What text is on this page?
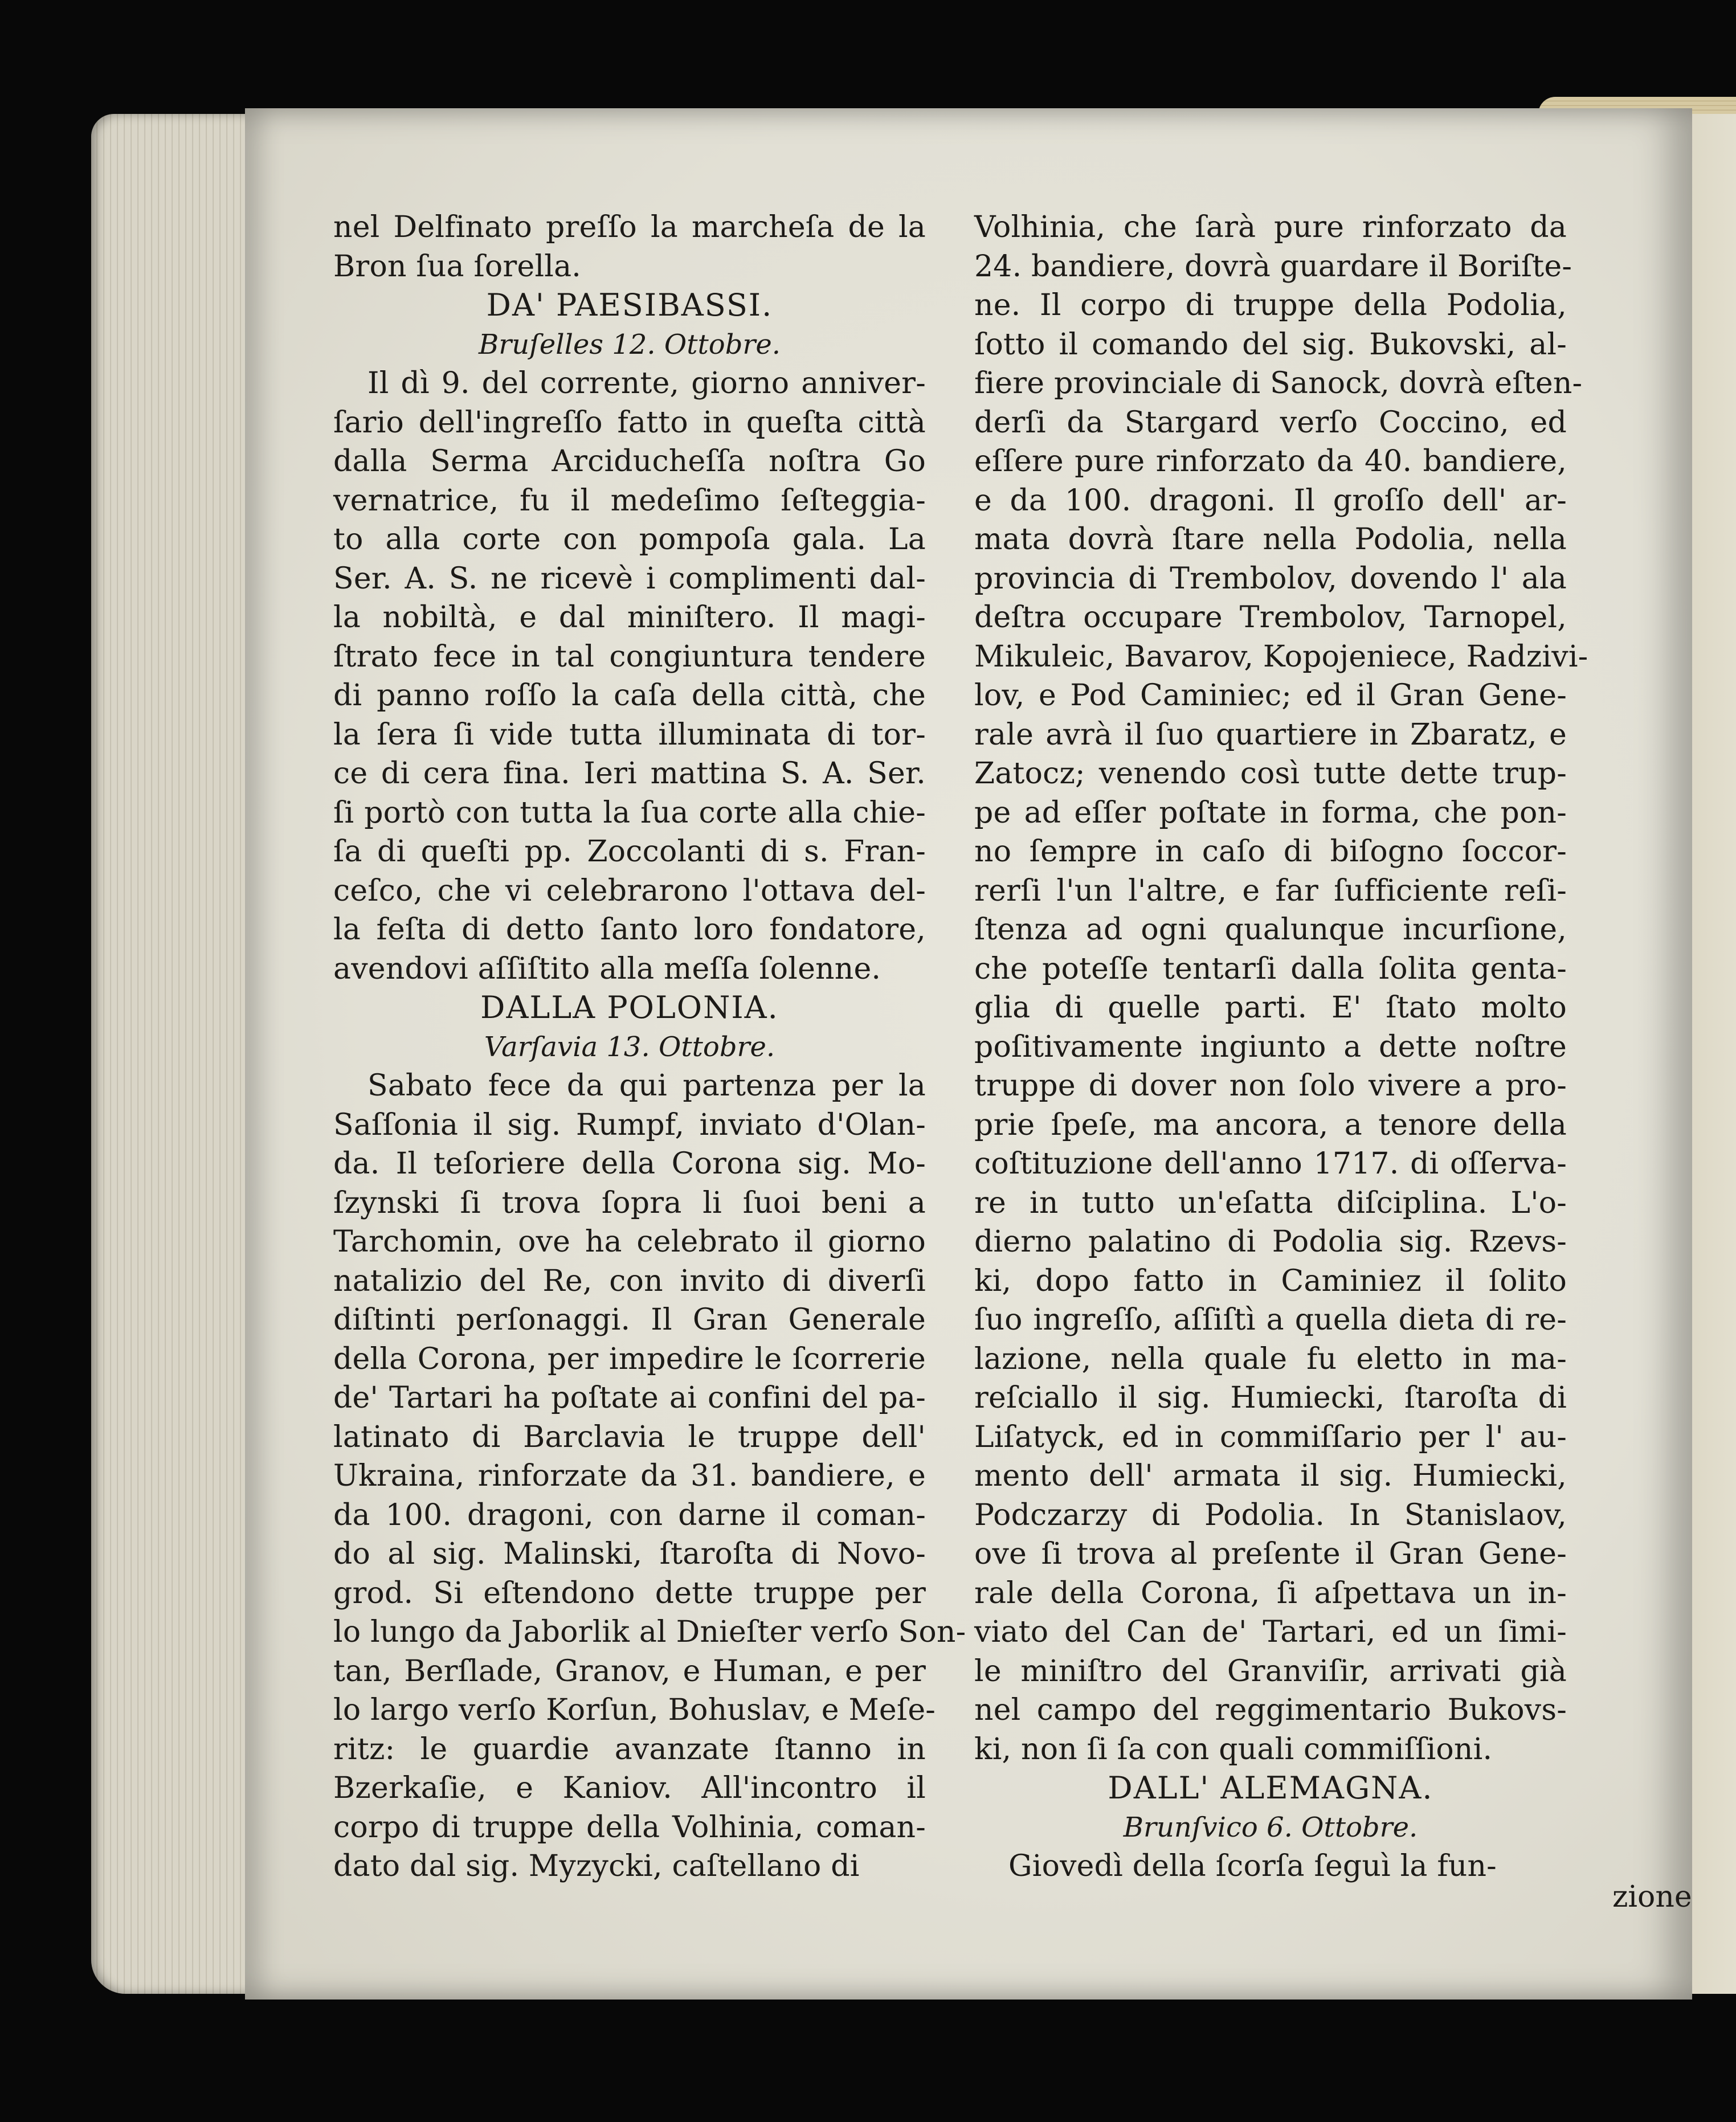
nel Delfinato preſſo la marcheſa de la
Bron ſua ſorella.
DA' PAESIBASSI.
Bruſelles 12. Ottobre.
Il dì 9. del corrente, giorno anniver-
ſario dell'ingreſſo fatto in queſta città
dalla Serma Arciducheſſa noſtra Go
vernatrice, fu il medeſimo ſeſteggia-
to alla corte con pompoſa gala. La
Ser. A. S. ne ricevè i complimenti dal-
la nobiltà, e dal miniſtero. Il magi-
ſtrato fece in tal congiuntura tendere
di panno roſſo la caſa della città, che
la ſera ſi vide tutta illuminata di tor-
ce di cera fina. Ieri mattina S. A. Ser.
ſi portò con tutta la ſua corte alla chie-
ſa di queſti pp. Zoccolanti di s. Fran-
ceſco, che vi celebrarono l'ottava del-
la feſta di detto ſanto loro fondatore,
avendovi aſſiſtito alla meſſa ſolenne.
DALLA POLONIA.
Varſavia 13. Ottobre.
Sabato fece da qui partenza per la
Saſſonia il sig. Rumpf, inviato d'Olan-
da. Il teſoriere della Corona sig. Mo-
ſzynski ſi trova ſopra li ſuoi beni a
Tarchomin, ove ha celebrato il giorno
natalizio del Re, con invito di diverſi
diſtinti perſonaggi. Il Gran Generale
della Corona, per impedire le ſcorrerie
de' Tartari ha poſtate ai confini del pa-
latinato di Barclavia le truppe dell'
Ukraina, rinforzate da 31. bandiere, e
da 100. dragoni, con darne il coman-
do al sig. Malinski, ſtaroſta di Novo-
grod. Si eſtendono dette truppe per
lo lungo da Jaborlik al Dnieſter verſo Son-
tan, Berſlade, Granov, e Human, e per
lo largo verſo Korſun, Bohuslav, e Meſe-
ritz: le guardie avanzate ſtanno in
Bzerkaſie, e Kaniov. All'incontro il
corpo di truppe della Volhinia, coman-
dato dal sig. Myzycki, caſtellano di
Volhinia, che ſarà pure rinforzato da
24. bandiere, dovrà guardare il Boriſte-
ne. Il corpo di truppe della Podolia,
ſotto il comando del sig. Bukovski, al-
fiere provinciale di Sanock, dovrà eſten-
derſi da Stargard verſo Coccino, ed
eſſere pure rinforzato da 40. bandiere,
e da 100. dragoni. Il groſſo dell' ar-
mata dovrà ſtare nella Podolia, nella
provincia di Trembolov, dovendo l' ala
deſtra occupare Trembolov, Tarnopel,
Mikuleic, Bavarov, Kopojeniece, Radzivi-
lov, e Pod Caminiec; ed il Gran Gene-
rale avrà il ſuo quartiere in Zbaratz, e
Zatocz; venendo così tutte dette trup-
pe ad eſſer poſtate in forma, che pon-
no ſempre in caſo di biſogno ſoccor-
rerſi l'un l'altre, e far ſufficiente reſi-
ſtenza ad ogni qualunque incurſione,
che poteſſe tentarſi dalla ſolita genta-
glia di quelle parti. E' ſtato molto
poſitivamente ingiunto a dette noſtre
truppe di dover non ſolo vivere a pro-
prie ſpeſe, ma ancora, a tenore della
coſtituzione dell'anno 1717. di oſſerva-
re in tutto un'eſatta diſciplina. L'o-
dierno palatino di Podolia sig. Rzevs-
ki, dopo fatto in Caminiez il ſolito
ſuo ingreſſo, aſſiſtì a quella dieta di re-
lazione, nella quale fu eletto in ma-
reſciallo il sig. Humiecki, ſtaroſta di
Liſatyck, ed in commiſſario per l' au-
mento dell' armata il sig. Humiecki,
Podczarzy di Podolia. In Stanislaov,
ove ſi trova al preſente il Gran Gene-
rale della Corona, ſi aſpettava un in-
viato del Can de' Tartari, ed un ſimi-
le miniſtro del Granviſir, arrivati già
nel campo del reggimentario Bukovs-
ki, non ſi ſa con quali commiſſioni.
DALL' ALEMAGNA.
Brunſvico 6. Ottobre.
Giovedì della ſcorſa ſeguì la fun-
zione
